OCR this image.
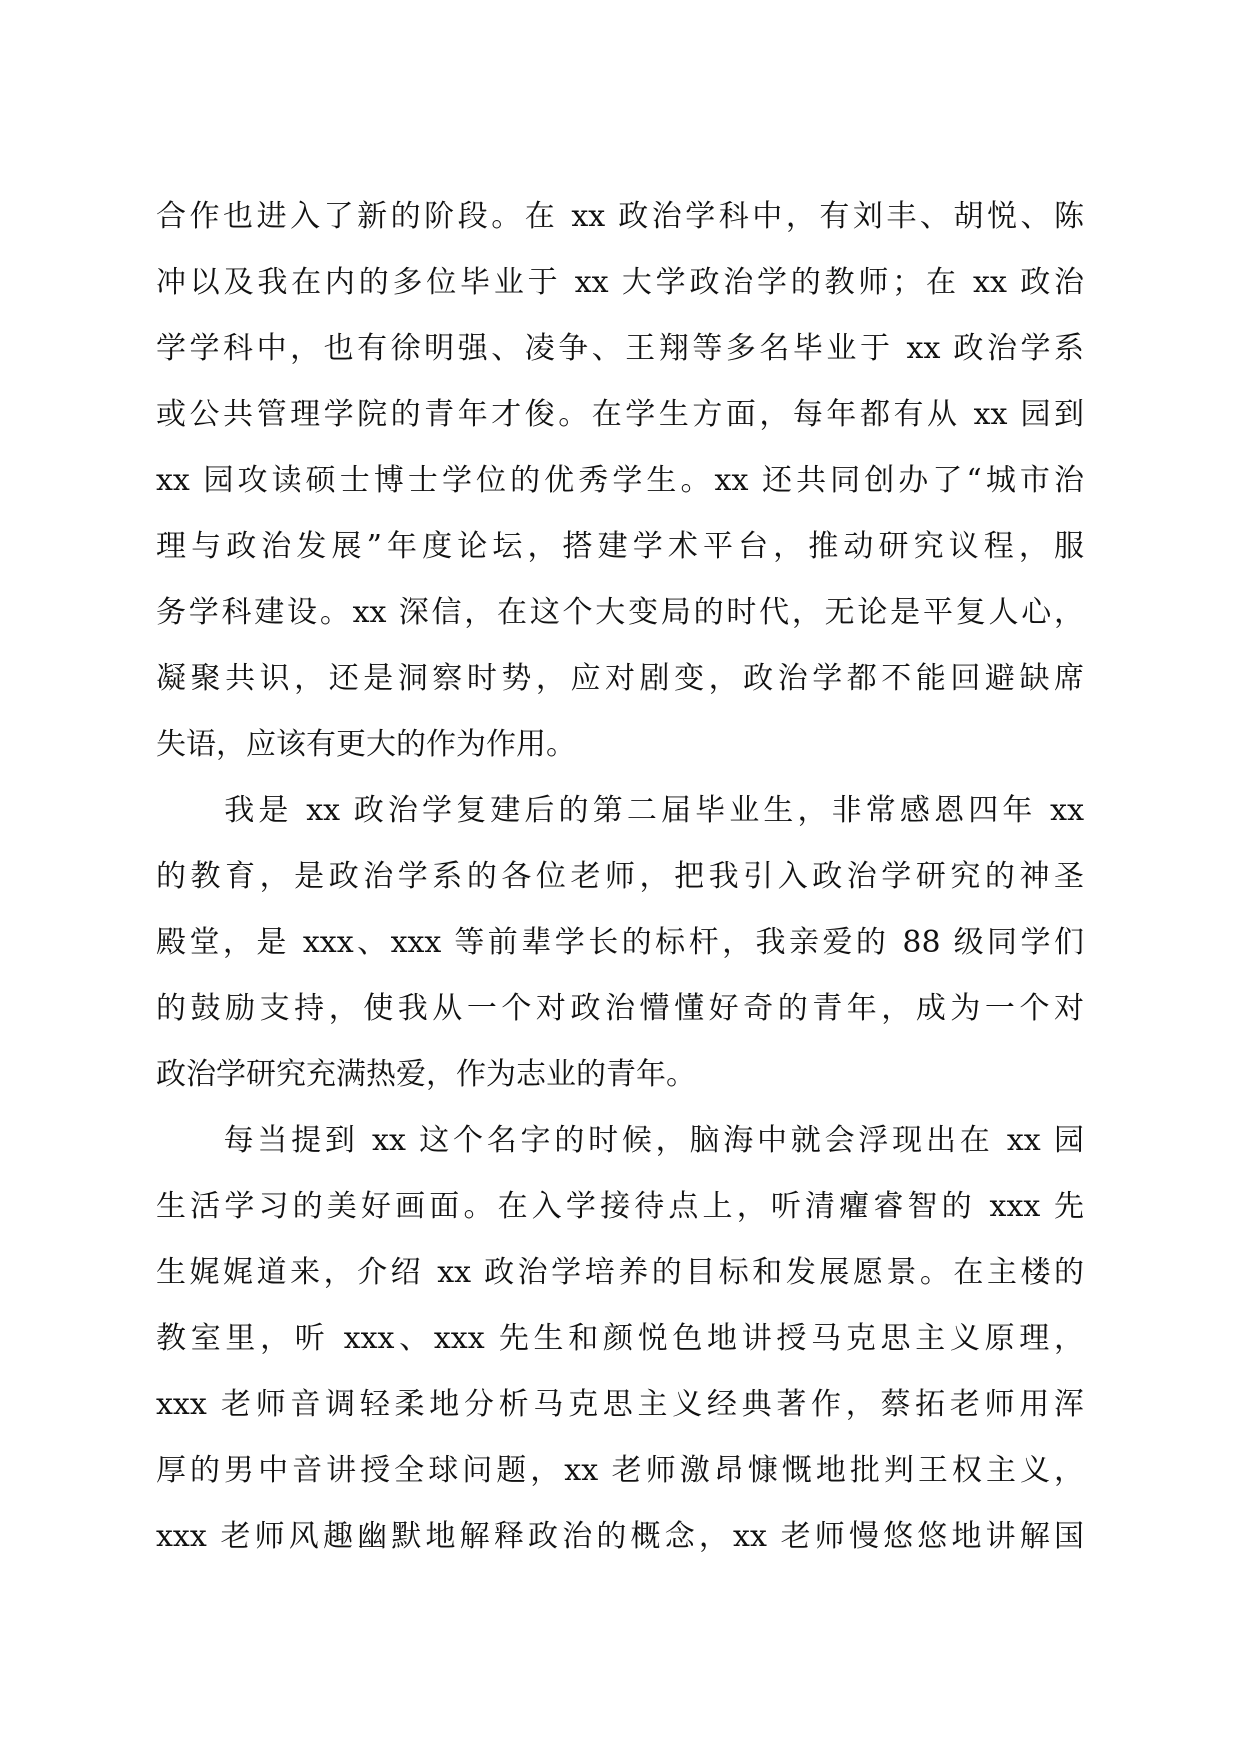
合作也进入了新的阶段。在 xx 政治学科中，有刘丰、胡悦、陈
冲以及我在内的多位毕业于 xx 大学政治学的教师；在 xx 政治
学学科中，也有徐明强、凌争、王翔等多名毕业于 xx 政治学系
或公共管理学院的青年才俊。在学生方面，每年都有从 xx 园到
xx 园攻读硕士博士学位的优秀学生。xx 还共同创办了“城市治
理与政治发展”年度论坛，搭建学术平台，推动研究议程，服
务学科建设。xx 深信，在这个大变局的时代，无论是平复人心，
凝聚共识，还是洞察时势，应对剧变，政治学都不能回避缺席
失语，应该有更大的作为作用。
　　我是 xx 政治学复建后的第二届毕业生，非常感恩四年 xx
的教育，是政治学系的各位老师，把我引入政治学研究的神圣
殿堂，是 xxx、xxx 等前辈学长的标杆，我亲爱的 88 级同学们
的鼓励支持，使我从一个对政治懵懂好奇的青年，成为一个对
政治学研究充满热爱，作为志业的青年。
　　每当提到 xx 这个名字的时候，脑海中就会浮现出在 xx 园
生活学习的美好画面。在入学接待点上，听清癯睿智的 xxx 先
生娓娓道来，介绍 xx 政治学培养的目标和发展愿景。在主楼的
教室里，听 xxx、xxx 先生和颜悦色地讲授马克思主义原理，
xxx 老师音调轻柔地分析马克思主义经典著作，蔡拓老师用浑
厚的男中音讲授全球问题，xx 老师激昂慷慨地批判王权主义，
xxx 老师风趣幽默地解释政治的概念，xx 老师慢悠悠地讲解国
